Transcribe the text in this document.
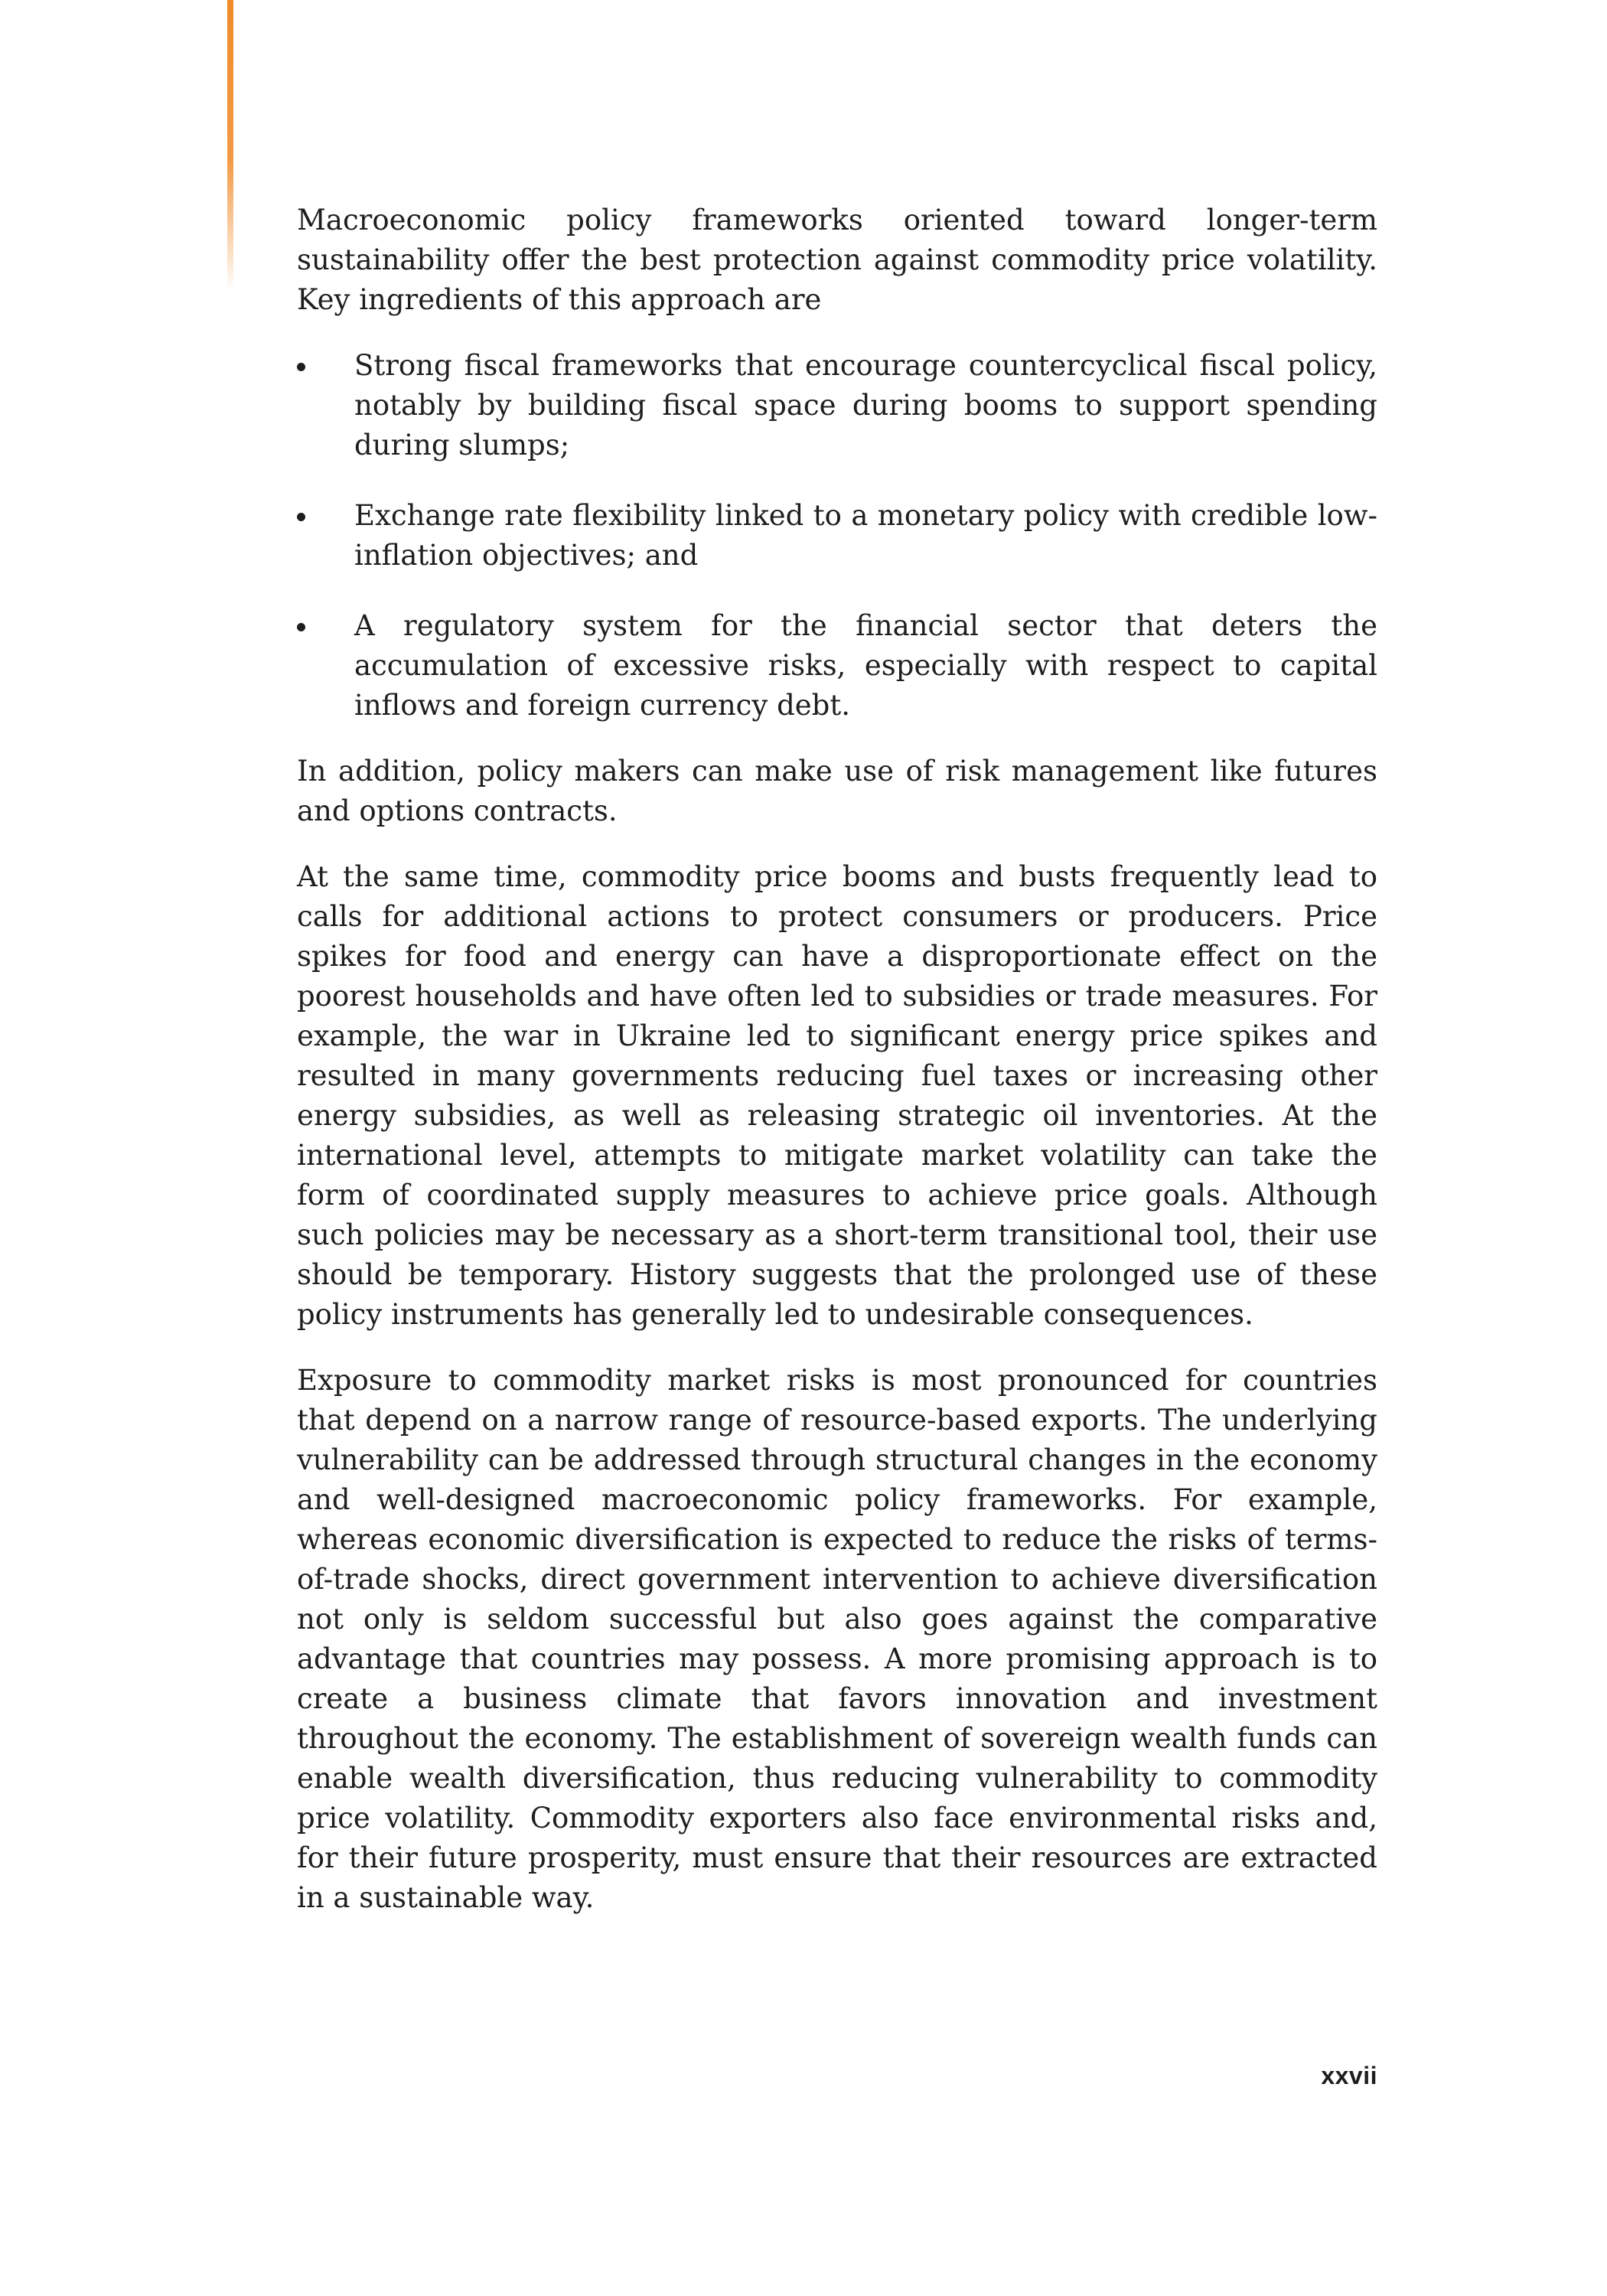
Macroeconomic policy frameworks oriented toward longer-term sustainability offer the best protection against commodity price volatility. Key ingredients of this approach are

Strong fiscal frameworks that encourage countercyclical fiscal policy, notably by building fiscal space during booms to support spending during slumps;
Exchange rate flexibility linked to a monetary policy with credible low-inflation objectives; and
A regulatory system for the financial sector that deters the accumulation of excessive risks, especially with respect to capital inflows and foreign currency debt.

In addition, policy makers can make use of risk management like futures and options contracts.

At the same time, commodity price booms and busts frequently lead to calls for additional actions to protect consumers or producers. Price spikes for food and energy can have a disproportionate effect on the poorest households and have often led to subsidies or trade measures. For example, the war in Ukraine led to significant energy price spikes and resulted in many governments reducing fuel taxes or increasing other energy subsidies, as well as releasing strategic oil inventories. At the international level, attempts to mitigate market volatility can take the form of coordinated supply measures to achieve price goals. Although such policies may be necessary as a short-term transitional tool, their use should be temporary. History suggests that the prolonged use of these policy instruments has generally led to undesirable consequences.

Exposure to commodity market risks is most pronounced for countries that depend on a narrow range of resource-based exports. The underlying vulnerability can be addressed through structural changes in the economy and well-designed macroeconomic policy frameworks. For example, whereas economic diversification is expected to reduce the risks of terms-of-trade shocks, direct government intervention to achieve diversification not only is seldom successful but also goes against the comparative advantage that countries may possess. A more promising approach is to create a business climate that favors innovation and investment throughout the economy. The establishment of sovereign wealth funds can enable wealth diversification, thus reducing vulnerability to commodity price volatility. Commodity exporters also face environmental risks and, for their future prosperity, must ensure that their resources are extracted in a sustainable way.

xxvii
